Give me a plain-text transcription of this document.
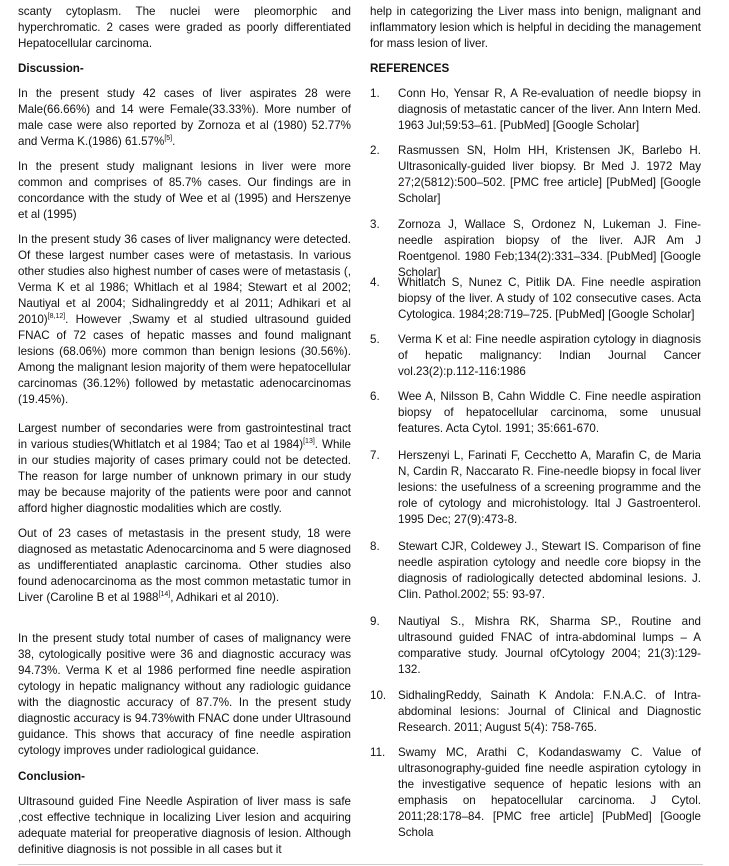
scanty cytoplasm. The nuclei were pleomorphic and hyperchromatic. 2 cases were graded as poorly differentiated Hepatocellular carcinoma.

Discussion-

In the present study 42 cases of liver aspirates 28 were Male(66.66%) and 14 were Female(33.33%). More number of male case were also reported by Zornoza et al (1980) 52.77% and Verma K.(1986) 61.57%[5].

In the present study malignant lesions in liver were more common and comprises of 85.7% cases. Our findings are in concordance with the study of Wee et al (1995) and Herszenye et al (1995)

In the present study 36 cases of liver malignancy were detected. Of these largest number cases were of metastasis. In various other studies also highest number of cases were of metastasis (, Verma K et al 1986; Whitlach et al 1984; Stewart et al 2002; Nautiyal et al 2004; Sidhalingreddy et al 2011; Adhikari et al 2010)[8,12]. However ,Swamy et al studied ultrasound guided FNAC of 72 cases of hepatic masses and found malignant lesions (68.06%) more common than benign lesions (30.56%). Among the malignant lesion majority of them were hepatocellular carcinomas (36.12%) followed by metastatic adenocarcinomas (19.45%).

Largest number of secondaries were from gastrointestinal tract in various studies(Whitlatch et al 1984; Tao et al 1984)[13]. While in our studies majority of cases primary could not be detected. The reason for large number of unknown primary in our study may be because majority of the patients were poor and cannot afford higher diagnostic modalities which are costly.

Out of 23 cases of metastasis in the present study, 18 were diagnosed as metastatic Adenocarcinoma and 5 were diagnosed as undifferentiated anaplastic carcinoma. Other studies also found adenocarcinoma as the most common metastatic tumor in Liver (Caroline B et al 1988[14], Adhikari et al 2010).

In the present study total number of cases of malignancy were 38, cytologically positive were 36 and diagnostic accuracy was 94.73%. Verma K et al 1986 performed fine needle aspiration cytology in hepatic malignancy without any radiologic guidance with the diagnostic accuracy of 87.7%. In the present study diagnostic accuracy is 94.73%with FNAC done under Ultrasound guidance. This shows that accuracy of fine needle aspiration cytology improves under radiological guidance.

Conclusion-

Ultrasound guided Fine Needle Aspiration of liver mass is safe ,cost effective technique in localizing Liver lesion and acquiring adequate material for preoperative diagnosis of lesion. Although definitive diagnosis is not possible in all cases but it

help in categorizing the Liver mass into benign, malignant and inflammatory lesion which is helpful in deciding the management for mass lesion of liver.

REFERENCES
1.	Conn Ho, Yensar R, A Re-evaluation of needle biopsy in diagnosis of metastatic cancer of the liver. Ann Intern Med. 1963 Jul;59:53–61. [PubMed] [Google Scholar]

2.	Rasmussen SN, Holm HH, Kristensen JK, Barlebo H. Ultrasonically-guided liver biopsy. Br Med J. 1972 May 27;2(5812):500–502. [PMC free article] [PubMed] [Google Scholar]

3.	Zornoza J, Wallace S, Ordonez N, Lukeman J. Fine-needle aspiration biopsy of the liver. AJR Am J Roentgenol. 1980 Feb;134(2):331–334. [PubMed] [Google Scholar]

4.	Whitlatch S, Nunez C, Pitlik DA. Fine needle aspiration biopsy of the liver. A study of 102 consecutive cases. Acta Cytologica. 1984;28:719–725. [PubMed] [Google Scholar]

5.	Verma K et al: Fine needle aspiration cytology in diagnosis of hepatic malignancy: Indian Journal Cancer vol.23(2):p.112-116:1986

6.	Wee A, Nilsson B, Cahn Widdle C. Fine needle aspiration biopsy of hepatocellular carcinoma, some unusual features. Acta Cytol. 1991; 35:661-670.

7.	Herszenyi L, Farinati F, Cecchetto A, Marafin C, de Maria N, Cardin R, Naccarato R. Fine-needle biopsy in focal liver lesions: the usefulness of a screening programme and the role of cytology and microhistology. Ital J Gastroenterol. 1995 Dec; 27(9):473-8.

8.	Stewart CJR, Coldewey J., Stewart IS. Comparison of fine needle aspiration cytology and needle core biopsy in the diagnosis of radiologically detected abdominal lesions. J. Clin. Pathol.2002; 55: 93-97.

9.	Nautiyal S., Mishra RK, Sharma SP., Routine and ultrasound guided FNAC of intra-abdominal lumps – A comparative study. Journal ofCytology 2004; 21(3):129-132.

10.	SidhalingReddy, Sainath K Andola: F.N.A.C. of Intra-abdominal lesions: Journal of Clinical and Diagnostic Research. 2011; August 5(4): 758-765.

11.	Swamy MC, Arathi C, Kodandaswamy C. Value of ultrasonography-guided fine needle aspiration cytology in the investigative sequence of hepatic lesions with an emphasis on hepatocellular carcinoma. J Cytol. 2011;28:178–84. [PMC free article] [PubMed] [Google Schola
